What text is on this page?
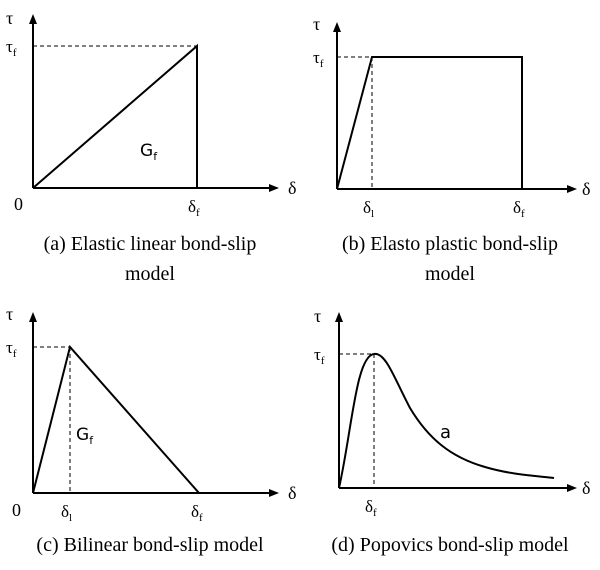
τ
$\tau_f$
0	$\delta_f$
δ
$G_f$
(a) Elastic linear bond-slip
model
τ
$\tau_f$
$\delta_l$	$\delta_f$
δ
(b) Elasto plastic bond-slip
model
τ
$\tau_f$
0 $\delta_l$	$\delta_f$
δ
$G_f$
(c) Bilinear bond-slip model
τ
$\tau_f$
$\delta_f$
δ
a
(d) Popovics bond-slip model
